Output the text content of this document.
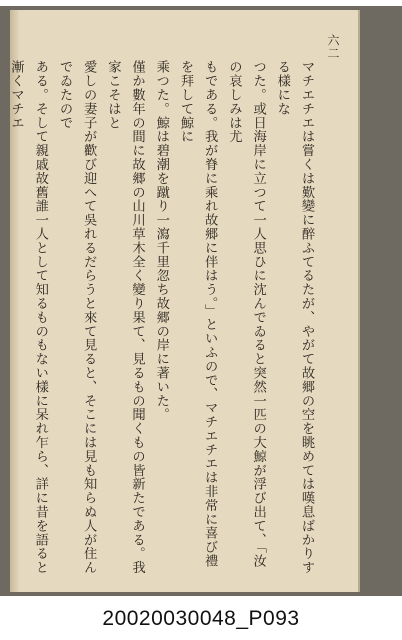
六二
マチエチエは嘗くは歎變に醉ふてるたが、やがて故郷の空を眺めては嘆息ばかりする樣にな
つた。或日海岸に立つて一人思ひに沈んでゐると突然一匹の大鯨が浮び出て、「汝の哀しみは尤
もである。我が脊に乘れ故郷に伴はう。」といふので、マチエチエは非常に喜び禮を拜して鯨に
乘つた。鯨は碧潮を蹴り一瀉千里忽ち故郷の岸に著いた。
僅か數年の間に故郷の山川草木全く變り果て、見るもの聞くもの皆新たである。我家こそはと
愛しの妻子が歡び迎へて吳れるだらうと來て見ると、そこには見も知らぬ人が住んでゐたので
ある。そして親戚故舊誰一人として知るものもない樣に呆れ乍ら、詳に昔を語ると漸くマチエ
20020030048_P093
